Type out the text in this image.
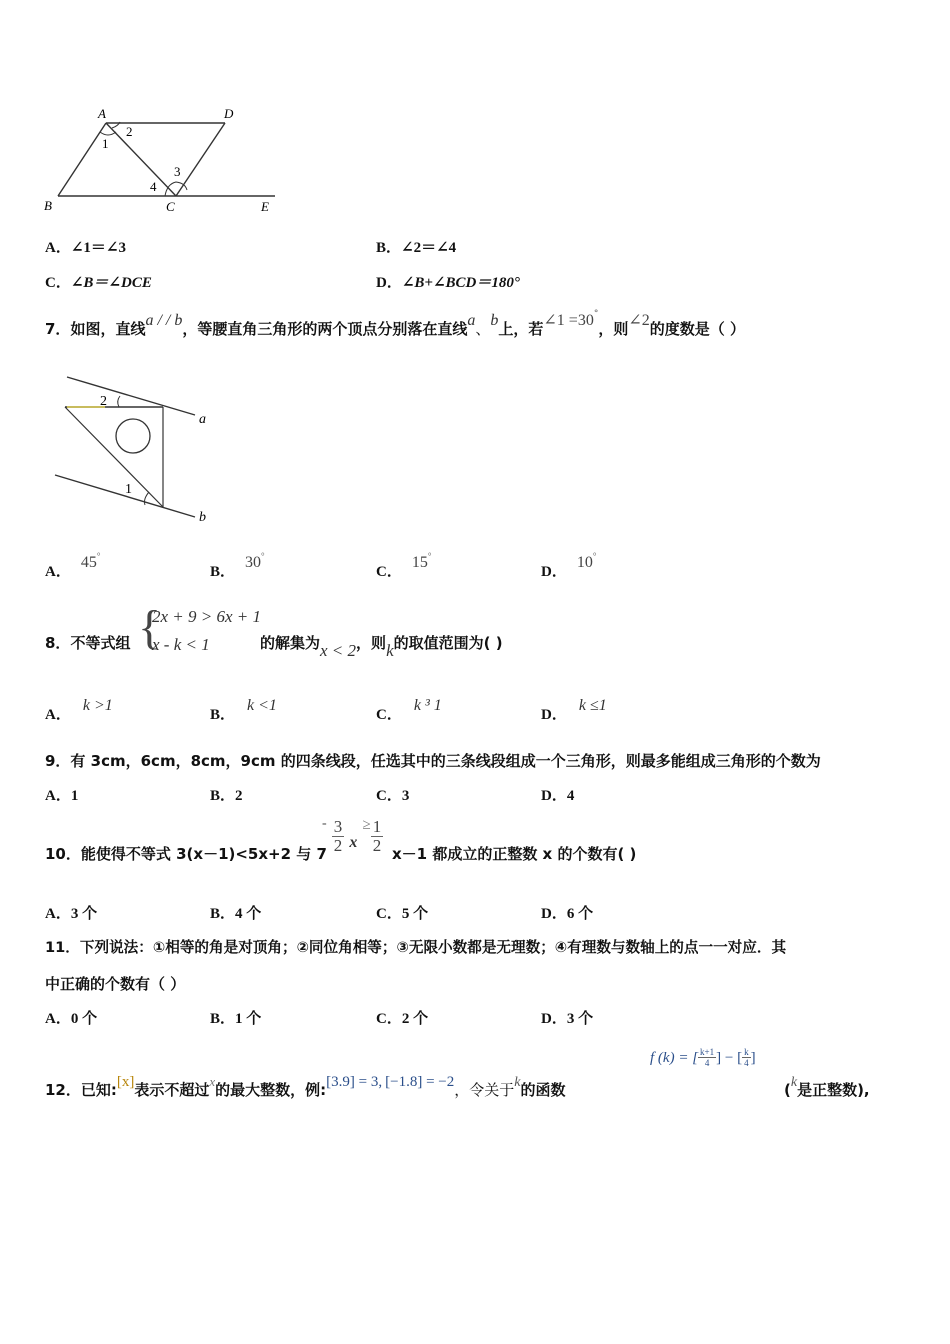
A	D
B	C	E
1
2
3
4
A．∠1＝∠3	B．∠2＝∠4
C．∠B＝∠DCE	D．∠B+∠BCD＝180°
7．如图，直线a / / b，等腰直角三角形的两个顶点分别落在直线a、b上，若∠1 =30°，则∠2的度数是（ ）
2
1
a
b
A．45°
B．30°
C．15°
D．10°
8．不等式组 {
2x + 9 > 6x + 1
x - k < 1	的解集为x < 2，则k的取值范围为( )
A．k >1
B．k <1
C．k ³ 1
D．k ≤1
9．有 3cm，6cm，8cm，9cm 的四条线段，任选其中的三条线段组成一个三角形，则最多能组成三角形的个数为
A．1	B．2	C．3	D．4
10．能使得不等式 3(x－1)<5x+2 与 7
- $\frac{3}{2}$ $x \ge \frac{1}{2} x-1$ 都成立的正整数 x 的个数有( )
A．3 个	B．4 个	C．5 个	D．6 个
11．下列说法：①相等的角是对顶角；②同位角相等；③无限小数都是无理数；④有理数与数轴上的点一一对应．其
中正确的个数有（ ）
A．0 个	B．1 个	C．2 个	D．3 个
12．已知:[x]表示不超过x的最大整数，例:[3.9] = 3, [−1.8] = −2，令关于k的函数
f (k) = [ $\frac{k+1}{4}$ ] − [ $\frac{k}{4}$ ]
(k是正整数),
